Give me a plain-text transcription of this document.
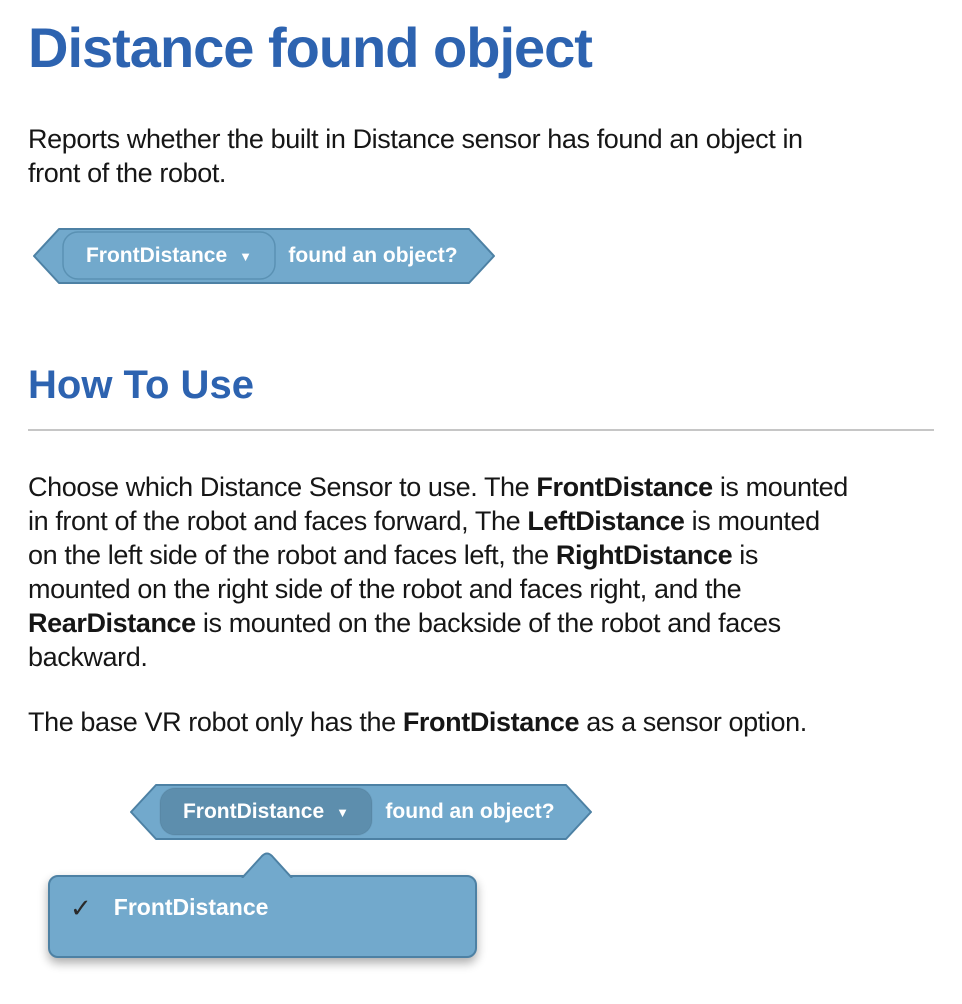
Distance found object

Reports whether the built in Distance sensor has found an object in

front of the robot.

FrontDistance ▼	found an object?
How To Use
Choose which Distance Sensor to use. The FrontDistance is mounted
in front of the robot and faces forward, The LeftDistance is mounted
on the left side of the robot and faces left, the RightDistance is
mounted on the right side of the robot and faces right, and the
RearDistance is mounted on the backside of the robot and faces
backward.

The base VR robot only has the FrontDistance as a sensor option.

FrontDistance ▼	found an object?
✓ FrontDistance
